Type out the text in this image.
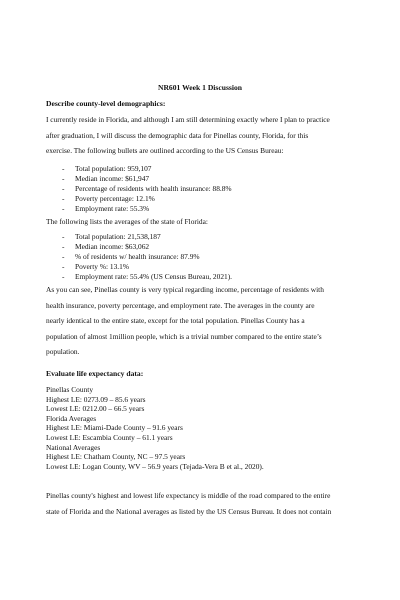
NR601 Week 1 Discussion
Describe county-level demographics:
I currently reside in Florida, and although I am still determining exactly where I plan to practice
after graduation, I will discuss the demographic data for Pinellas county, Florida, for this
exercise. The following bullets are outlined according to the US Census Bureau:
- Total population: 959,107
- Median income: $61,947
- Percentage of residents with health insurance: 88.8%
- Poverty percentage: 12.1%
- Employment rate: 55.3%
The following lists the averages of the state of Florida:
- Total population: 21,538,187
- Median income: $63,062
- % of residents w/ health insurance: 87.9%
- Poverty %: 13.1%
- Employment rate: 55.4% (US Census Bureau, 2021).
As you can see, Pinellas county is very typical regarding income, percentage of residents with
health insurance, poverty percentage, and employment rate. The averages in the county are
nearly identical to the entire state, except for the total population. Pinellas County has a
population of almost 1million people, which is a trivial number compared to the entire state’s
population.
Evaluate life expectancy data:
Pinellas County
Highest LE: 0273.09 – 85.6 years
Lowest LE: 0212.00 – 66.5 years
Florida Averages
Highest LE: Miami-Dade County – 91.6 years
Lowest LE: Escambia County – 61.1 years
National Averages
Highest LE: Chatham County, NC – 97.5 years
Lowest LE: Logan County, WV – 56.9 years (Tejada-Vera B et al., 2020).
Pinellas county's highest and lowest life expectancy is middle of the road compared to the entire
state of Florida and the National averages as listed by the US Census Bureau. It does not contain
